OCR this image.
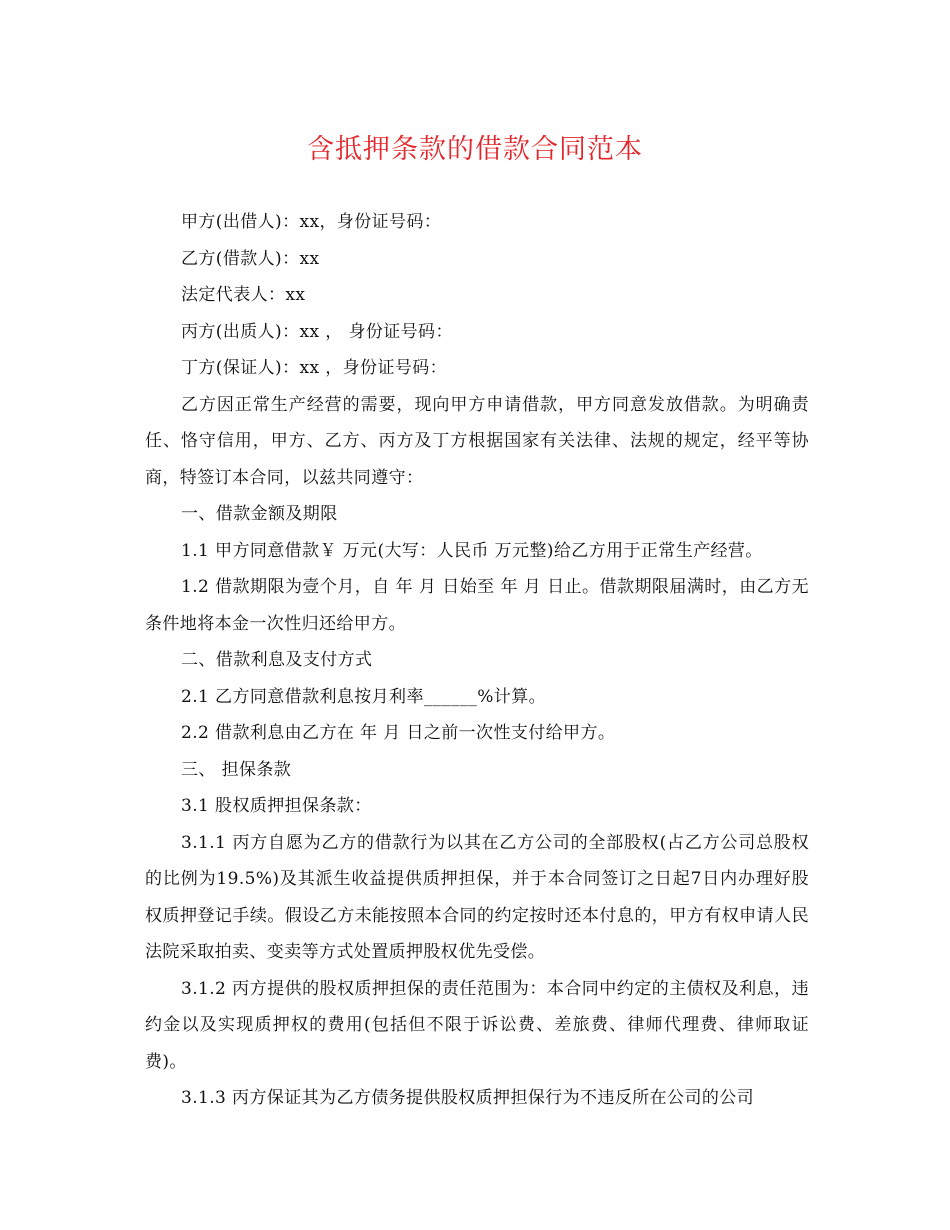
含抵押条款的借款合同范本

甲方(出借人)：xx，身份证号码：

乙方(借款人)：xx

法定代表人：xx

丙方(出质人)：xx ， 身份证号码：

丁方(保证人)：xx ，身份证号码：

乙方因正常生产经营的需要，现向甲方申请借款，甲方同意发放借款。为明确责任、恪守信用，甲方、乙方、丙方及丁方根据国家有关法律、法规的规定，经平等协商，特签订本合同，以兹共同遵守：

一、借款金额及期限

1.1 甲方同意借款￥ 万元(大写：人民币 万元整)给乙方用于正常生产经营。

1.2 借款期限为壹个月，自 年 月 日始至 年 月 日止。借款期限届满时，由乙方无条件地将本金一次性归还给甲方。

二、借款利息及支付方式

2.1 乙方同意借款利息按月利率______%计算。

2.2 借款利息由乙方在 年 月 日之前一次性支付给甲方。

三、 担保条款

3.1 股权质押担保条款：

3.1.1 丙方自愿为乙方的借款行为以其在乙方公司的全部股权(占乙方公司总股权的比例为19.5%)及其派生收益提供质押担保，并于本合同签订之日起7日内办理好股权质押登记手续。假设乙方未能按照本合同的约定按时还本付息的，甲方有权申请人民法院采取拍卖、变卖等方式处置质押股权优先受偿。

3.1.2 丙方提供的股权质押担保的责任范围为：本合同中约定的主债权及利息，违约金以及实现质押权的费用(包括但不限于诉讼费、差旅费、律师代理费、律师取证费)。

3.1.3 丙方保证其为乙方债务提供股权质押担保行为不违反所在公司的公司
